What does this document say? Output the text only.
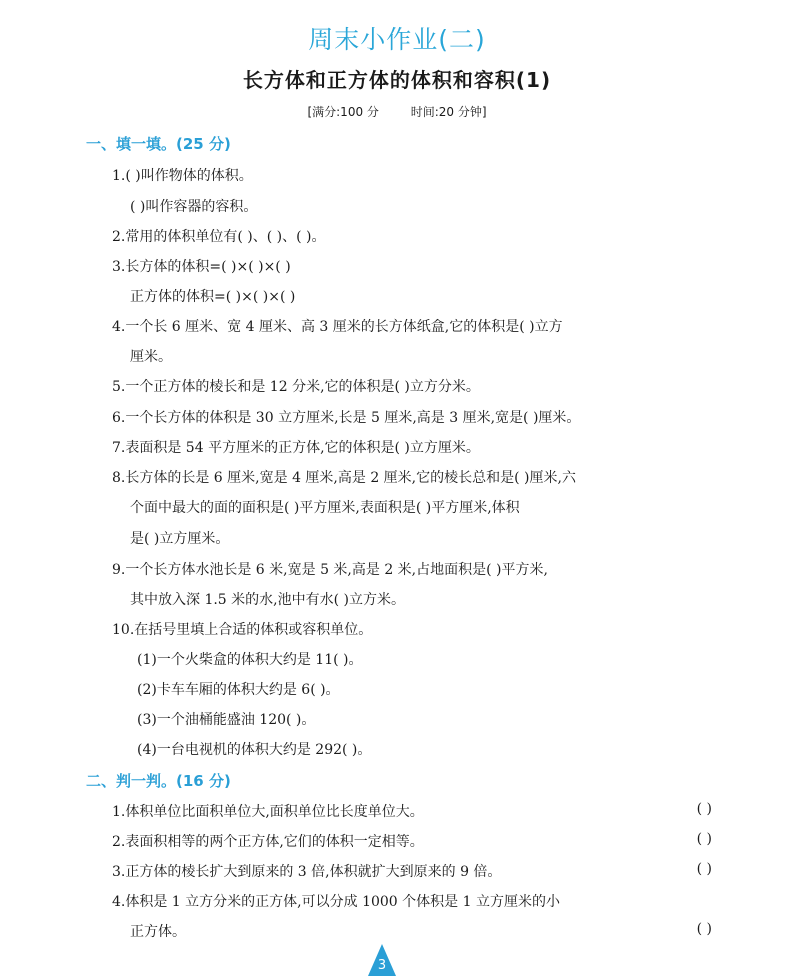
周末小作业(二)
长方体和正方体的体积和容积(1)
[满分:100 分	时间:20 分钟]
一、填一填。(25 分)
1.( )叫作物体的体积。
( )叫作容器的容积。
2.常用的体积单位有( )、( )、( )。
3.长方体的体积=( )×( )×( )
正方体的体积=( )×( )×( )
4.一个长 6 厘米、宽 4 厘米、高 3 厘米的长方体纸盒,它的体积是( )立方
厘米。
5.一个正方体的棱长和是 12 分米,它的体积是( )立方分米。
6.一个长方体的体积是 30 立方厘米,长是 5 厘米,高是 3 厘米,宽是( )厘米。
7.表面积是 54 平方厘米的正方体,它的体积是( )立方厘米。
8.长方体的长是 6 厘米,宽是 4 厘米,高是 2 厘米,它的棱长总和是( )厘米,六
个面中最大的面的面积是( )平方厘米,表面积是( )平方厘米,体积
是( )立方厘米。
9.一个长方体水池长是 6 米,宽是 5 米,高是 2 米,占地面积是( )平方米,
其中放入深 1.5 米的水,池中有水( )立方米。
10.在括号里填上合适的体积或容积单位。
(1)一个火柴盒的体积大约是 11( )。
(2)卡车车厢的体积大约是 6( )。
(3)一个油桶能盛油 120( )。
(4)一台电视机的体积大约是 292( )。
二、判一判。(16 分)
1.体积单位比面积单位大,面积单位比长度单位大。	( )
2.表面积相等的两个正方体,它们的体积一定相等。	( )
3.正方体的棱长扩大到原来的 3 倍,体积就扩大到原来的 9 倍。	( )
4.体积是 1 立方分米的正方体,可以分成 1000 个体积是 1 立方厘米的小
正方体。	( )
3
